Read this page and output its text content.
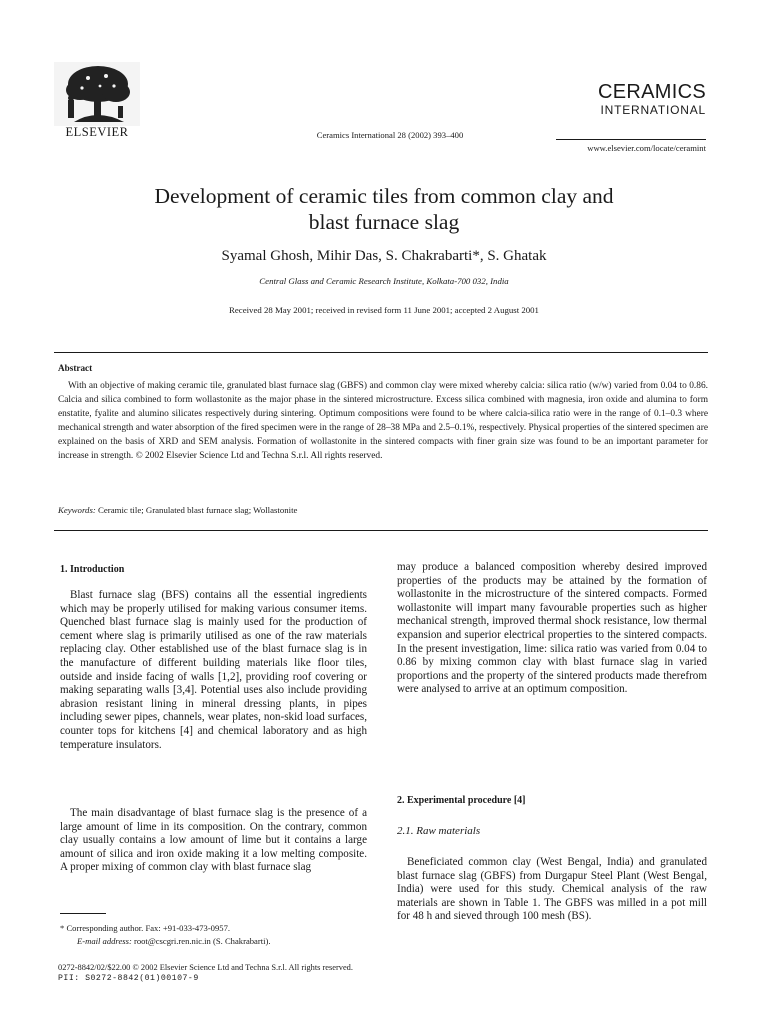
ELSEVIER	Ceramics International 28 (2002) 393–400
CERAMICS
INTERNATIONAL
www.elsevier.com/locate/ceramint
Development of ceramic tiles from common clay and
blast furnace slag
Syamal Ghosh, Mihir Das, S. Chakrabarti*, S. Ghatak
Central Glass and Ceramic Research Institute, Kolkata-700 032, India
Received 28 May 2001; received in revised form 11 June 2001; accepted 2 August 2001
Abstract

With an objective of making ceramic tile, granulated blast furnace slag (GBFS) and common clay were mixed whereby calcia: silica ratio (w/w) varied from 0.04 to 0.86. Calcia and silica combined to form wollastonite as the major phase in the sintered microstructure. Excess silica combined with magnesia, iron oxide and alumina to form enstatite, fyalite and alumino silicates respectively during sintering. Optimum compositions were found to be where calcia-silica ratio were in the range of 0.1–0.3 where mechanical strength and water absorption of the fired specimen were in the range of 28–38 MPa and 2.5–0.1%, respectively. Physical properties of the sintered specimen are explained on the basis of XRD and SEM analysis. Formation of wollastonite in the sintered compacts with finer grain size was found to be an important parameter for increase in strength. © 2002 Elsevier Science Ltd and Techna S.r.l. All rights reserved.

Keywords: Ceramic tile; Granulated blast furnace slag; Wollastonite
1. Introduction

Blast furnace slag (BFS) contains all the essential ingredients which may be properly utilised for making various consumer items. Quenched blast furnace slag is mainly used for the production of cement where slag is primarily utilised as one of the raw materials replacing clay. Other established use of the blast furnace slag is in the manufacture of different building materials like floor tiles, outside and inside facing of walls [1,2], providing roof covering or making separating walls [3,4]. Potential uses also include providing abrasion resistant lining in mineral dressing plants, in pipes including sewer pipes, channels, wear plates, non-skid load surfaces, counter tops for kitchens [4] and chemical laboratory and as high temperature insulators.

The main disadvantage of blast furnace slag is the presence of a large amount of lime in its composition. On the contrary, common clay usually contains a low amount of lime but it contains a large amount of silica and iron oxide making it a low melting composite. A proper mixing of common clay with blast furnace slag

* Corresponding author. Fax: +91-033-473-0957.
E-mail address: root@cscgri.ren.nic.in (S. Chakrabarti).

may produce a balanced composition whereby desired improved properties of the products may be attained by the formation of wollastonite in the microstructure of the sintered compacts. Formed wollastonite will impart many favourable properties such as higher mechanical strength, improved thermal shock resistance, low thermal expansion and superior electrical properties to the sintered compacts. In the present investigation, lime: silica ratio was varied from 0.04 to 0.86 by mixing common clay with blast furnace slag in varied proportions and the property of the sintered products made therefrom were analysed to arrive at an optimum composition.

2. Experimental procedure [4]
2.1. Raw materials

Beneficiated common clay (West Bengal, India) and granulated blast furnace slag (GBFS) from Durgapur Steel Plant (West Bengal, India) were used for this study. Chemical analysis of the raw materials are shown in Table 1. The GBFS was milled in a pot mill for 48 h and sieved through 100 mesh (BS).

0272-8842/02/$22.00 © 2002 Elsevier Science Ltd and Techna S.r.l. All rights reserved.
PII: S0272-8842(01)00107-9
